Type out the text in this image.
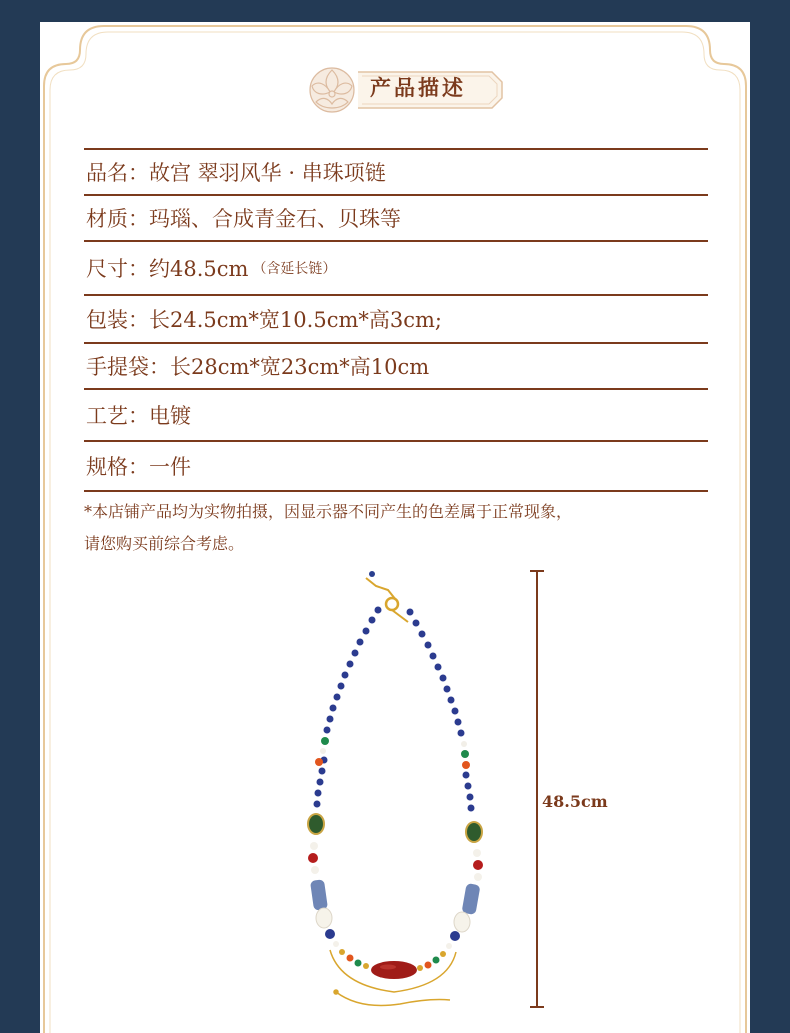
产品描述
品名： 故宫 翠羽风华 · 串珠项链
材质： 玛瑙、合成青金石、贝珠等
尺寸： 约48.5cm （含延长链）
包装： 长24.5cm*宽10.5cm*高3cm;
手提袋： 长28cm*宽23cm*高10cm
工艺： 电镀
规格： 一件
*本店铺产品均为实物拍摄，因显示器不同产生的色差属于正常现象，
请您购买前综合考虑。
48.5cm
